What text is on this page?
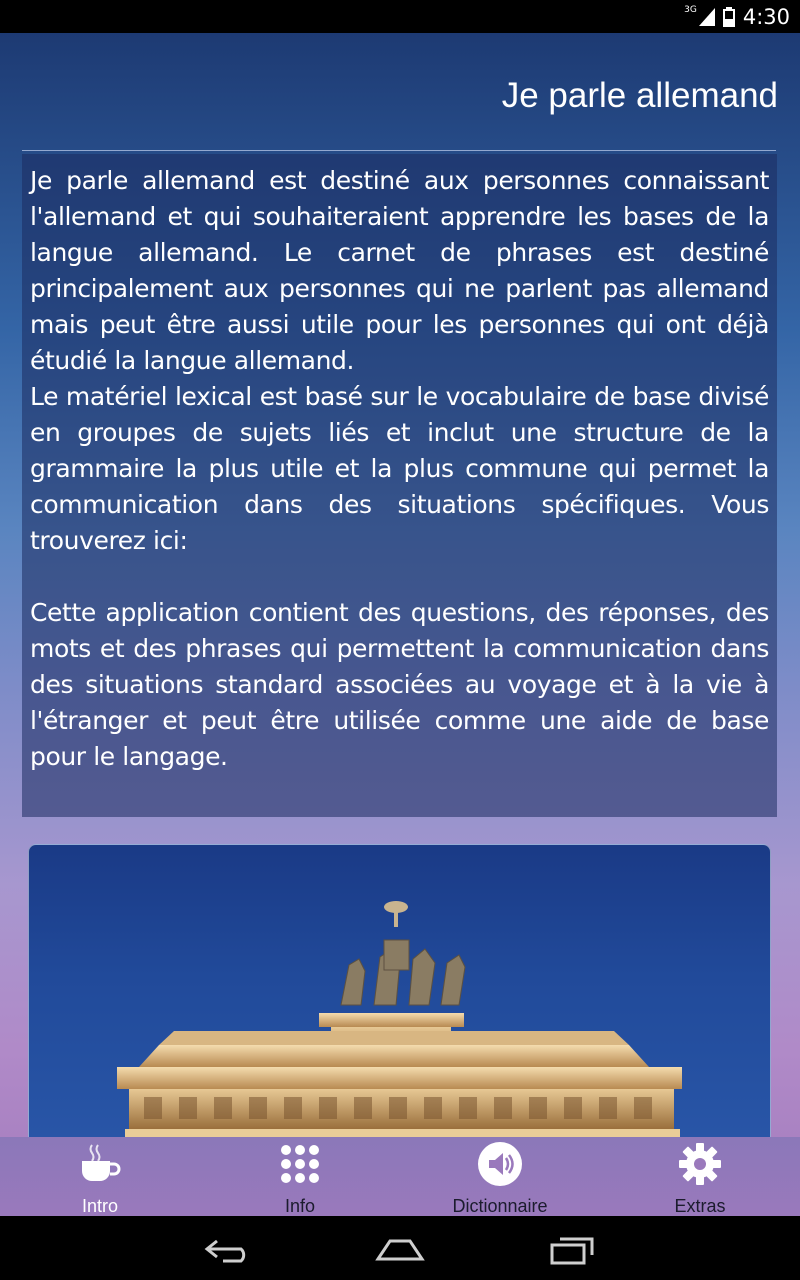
3G 4:30
Je parle allemand

Je parle allemand est destiné aux personnes connaissant l'allemand et qui souhaiteraient apprendre les bases de la langue allemand. Le carnet de phrases est destiné principalement aux personnes qui ne parlent pas allemand mais peut être aussi utile pour les personnes qui ont déjà étudié la langue allemand.

Le matériel lexical est basé sur le vocabulaire de base divisé en groupes de sujets liés et inclut une structure de la grammaire la plus utile et la plus commune qui permet la communication dans des situations spécifiques. Vous trouverez ici:

Cette application contient des questions, des réponses, des mots et des phrases qui permettent la communication dans des situations standard associées au voyage et à la vie à l'étranger et peut être utilisée comme une aide de base pour le langage.

Intro	Info	Dictionnaire	Extras
